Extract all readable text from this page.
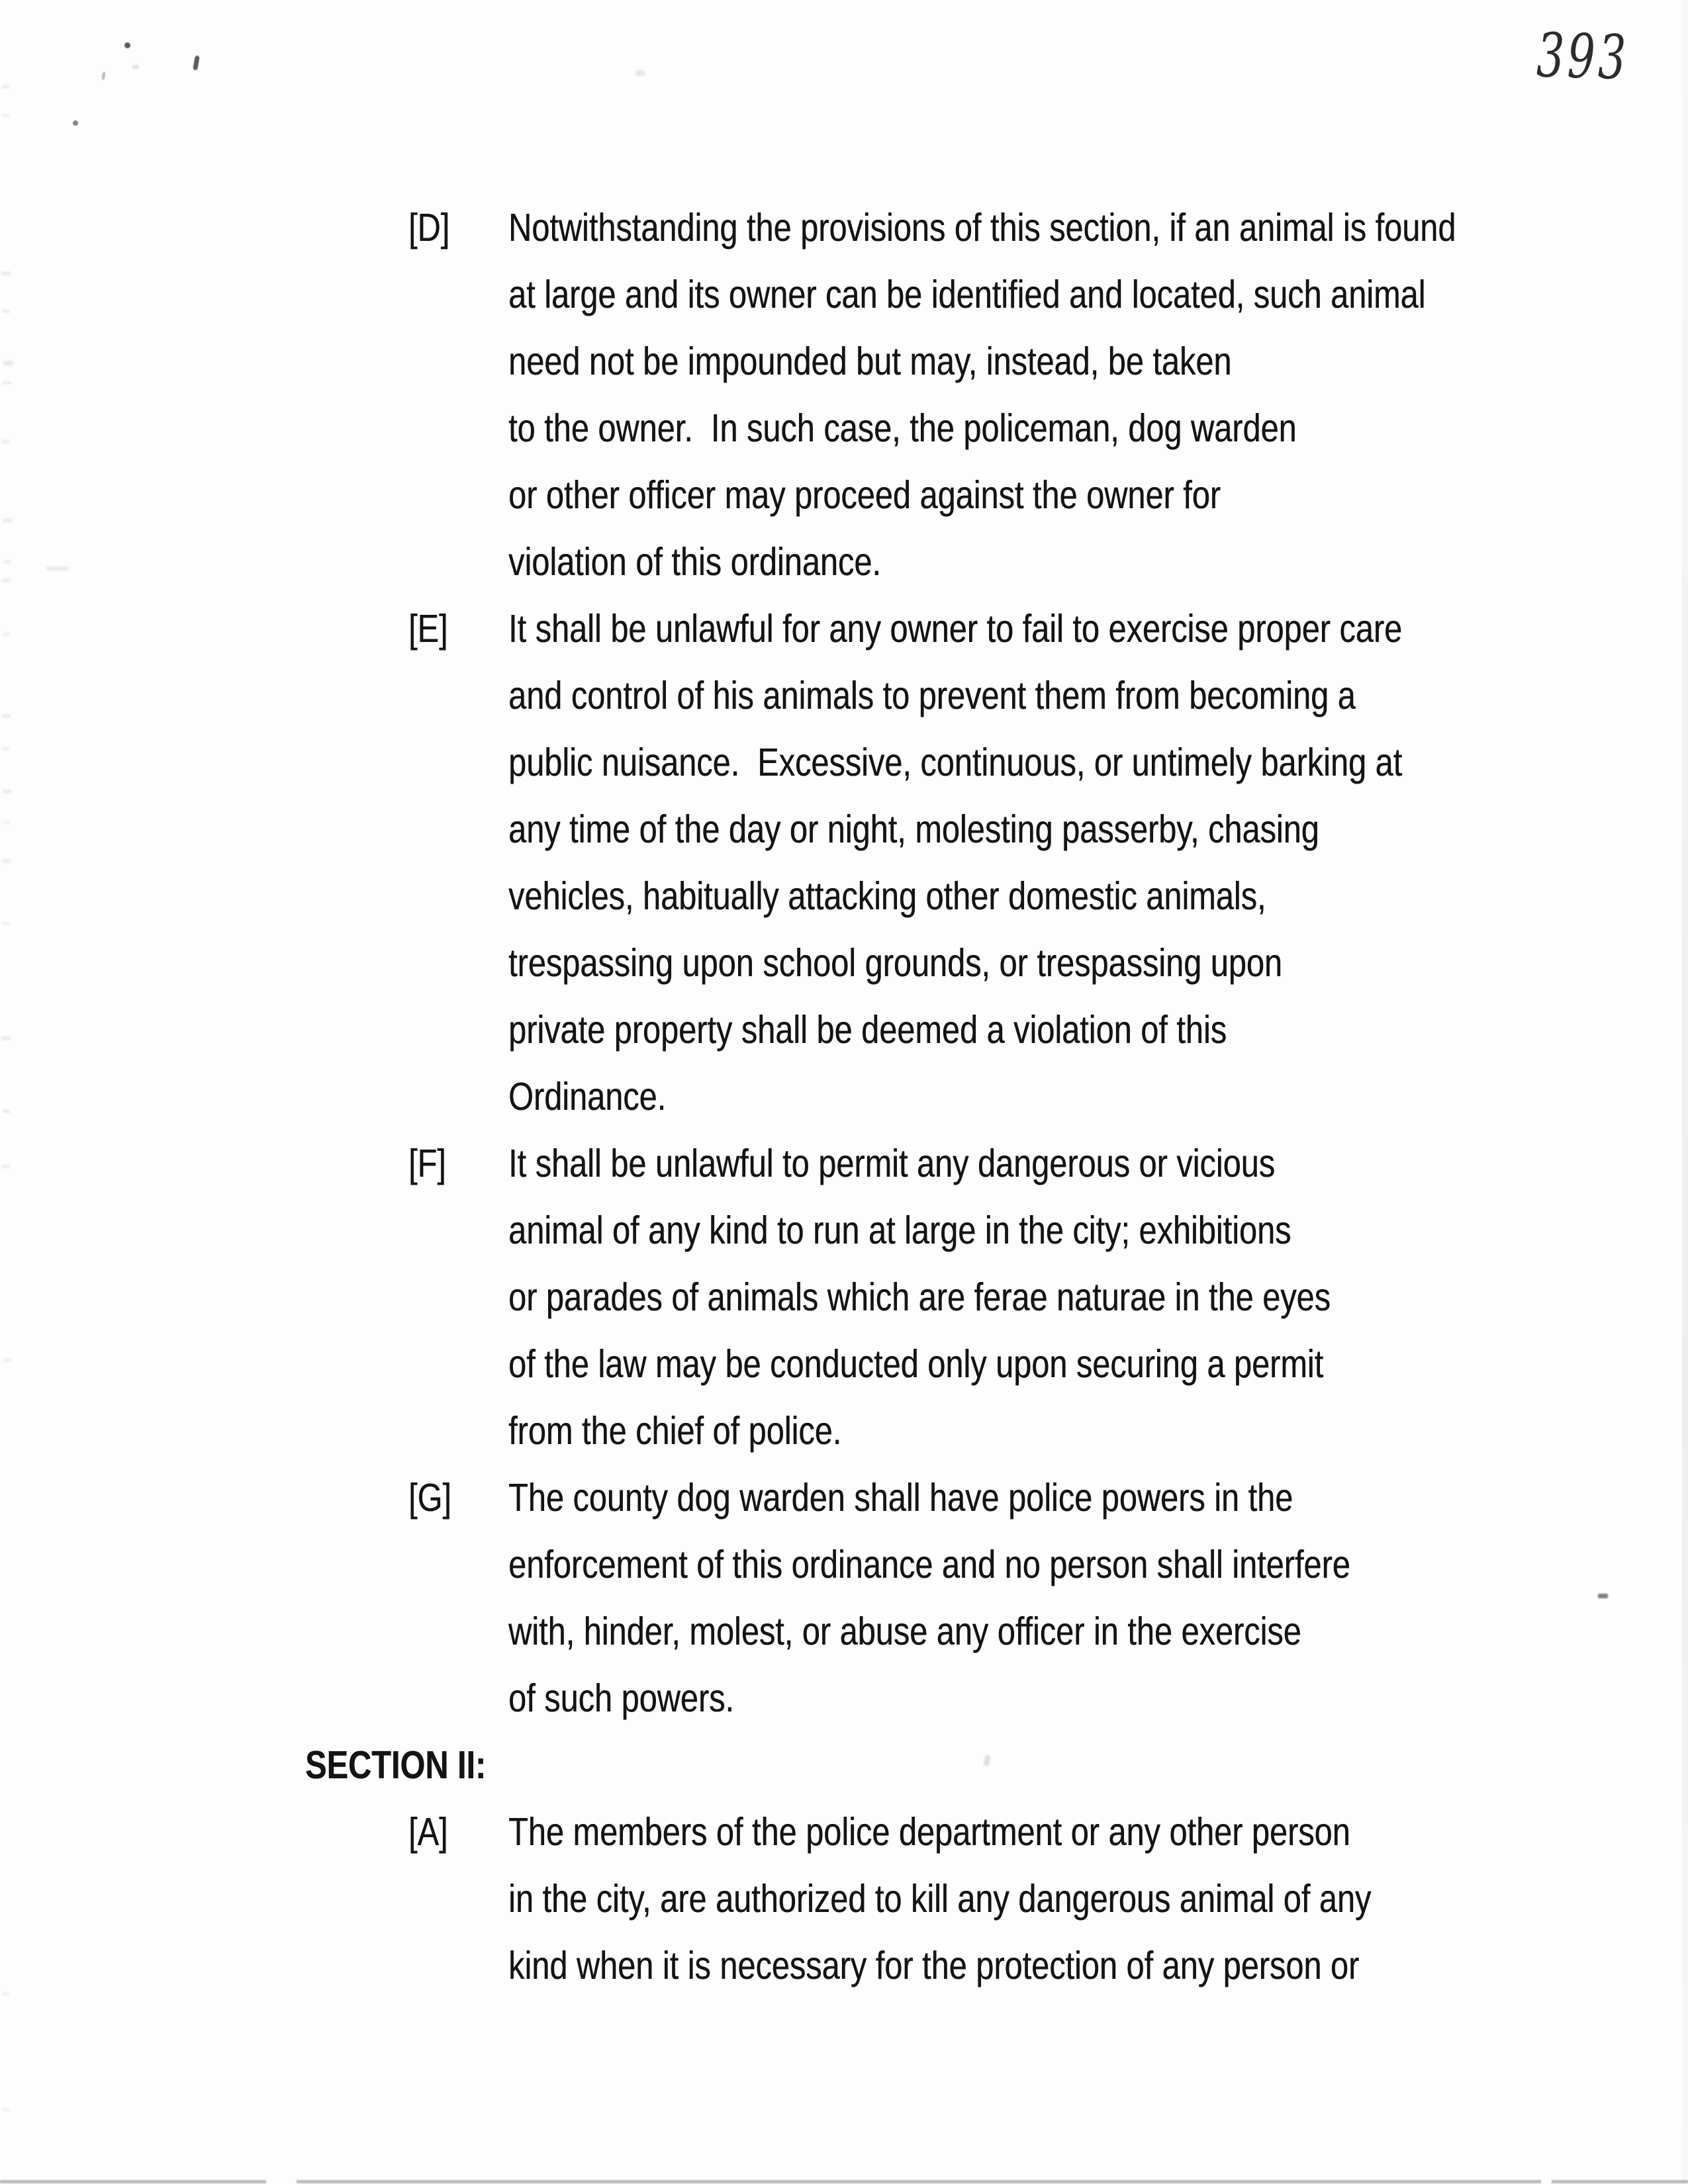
393
[D]	Notwithstanding the provisions of this section, if an animal is found
at large and its owner can be identified and located, such animal
need not be impounded but may, instead, be taken
to the owner.  In such case, the policeman, dog warden
or other officer may proceed against the owner for
violation of this ordinance.
[E]	It shall be unlawful for any owner to fail to exercise proper care
and control of his animals to prevent them from becoming a
public nuisance.  Excessive, continuous, or untimely barking at
any time of the day or night, molesting passerby, chasing
vehicles, habitually attacking other domestic animals,
trespassing upon school grounds, or trespassing upon
private property shall be deemed a violation of this
Ordinance.
[F]	It shall be unlawful to permit any dangerous or vicious
animal of any kind to run at large in the city; exhibitions
or parades of animals which are ferae naturae in the eyes
of the law may be conducted only upon securing a permit
from the chief of police.
[G]	The county dog warden shall have police powers in the
enforcement of this ordinance and no person shall interfere
with, hinder, molest, or abuse any officer in the exercise
of such powers.
SECTION II:
[A]	The members of the police department or any other person
in the city, are authorized to kill any dangerous animal of any
kind when it is necessary for the protection of any person or
